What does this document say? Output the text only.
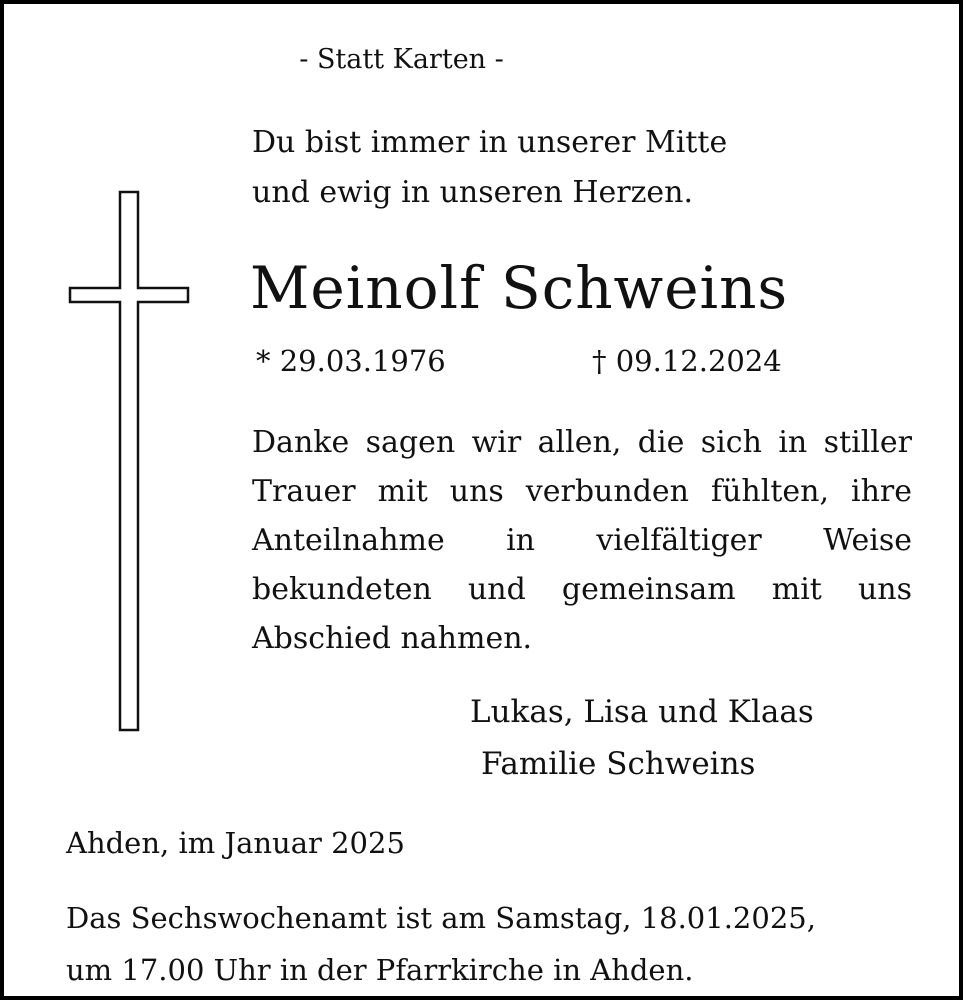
- Statt Karten -
Du bist immer in unserer Mitte
und ewig in unseren Herzen.
Meinolf Schweins
* 29.03.1976	† 09.12.2024
Danke sagen wir allen, die sich in stiller
Trauer mit uns verbunden fühlten, ihre
Anteilnahme in vielfältiger Weise
bekundeten und gemeinsam mit uns
Abschied nahmen.
Lukas, Lisa und Klaas
Familie Schweins
Ahden, im Januar 2025
Das Sechswochenamt ist am Samstag, 18.01.2025,
um 17.00 Uhr in der Pfarrkirche in Ahden.
